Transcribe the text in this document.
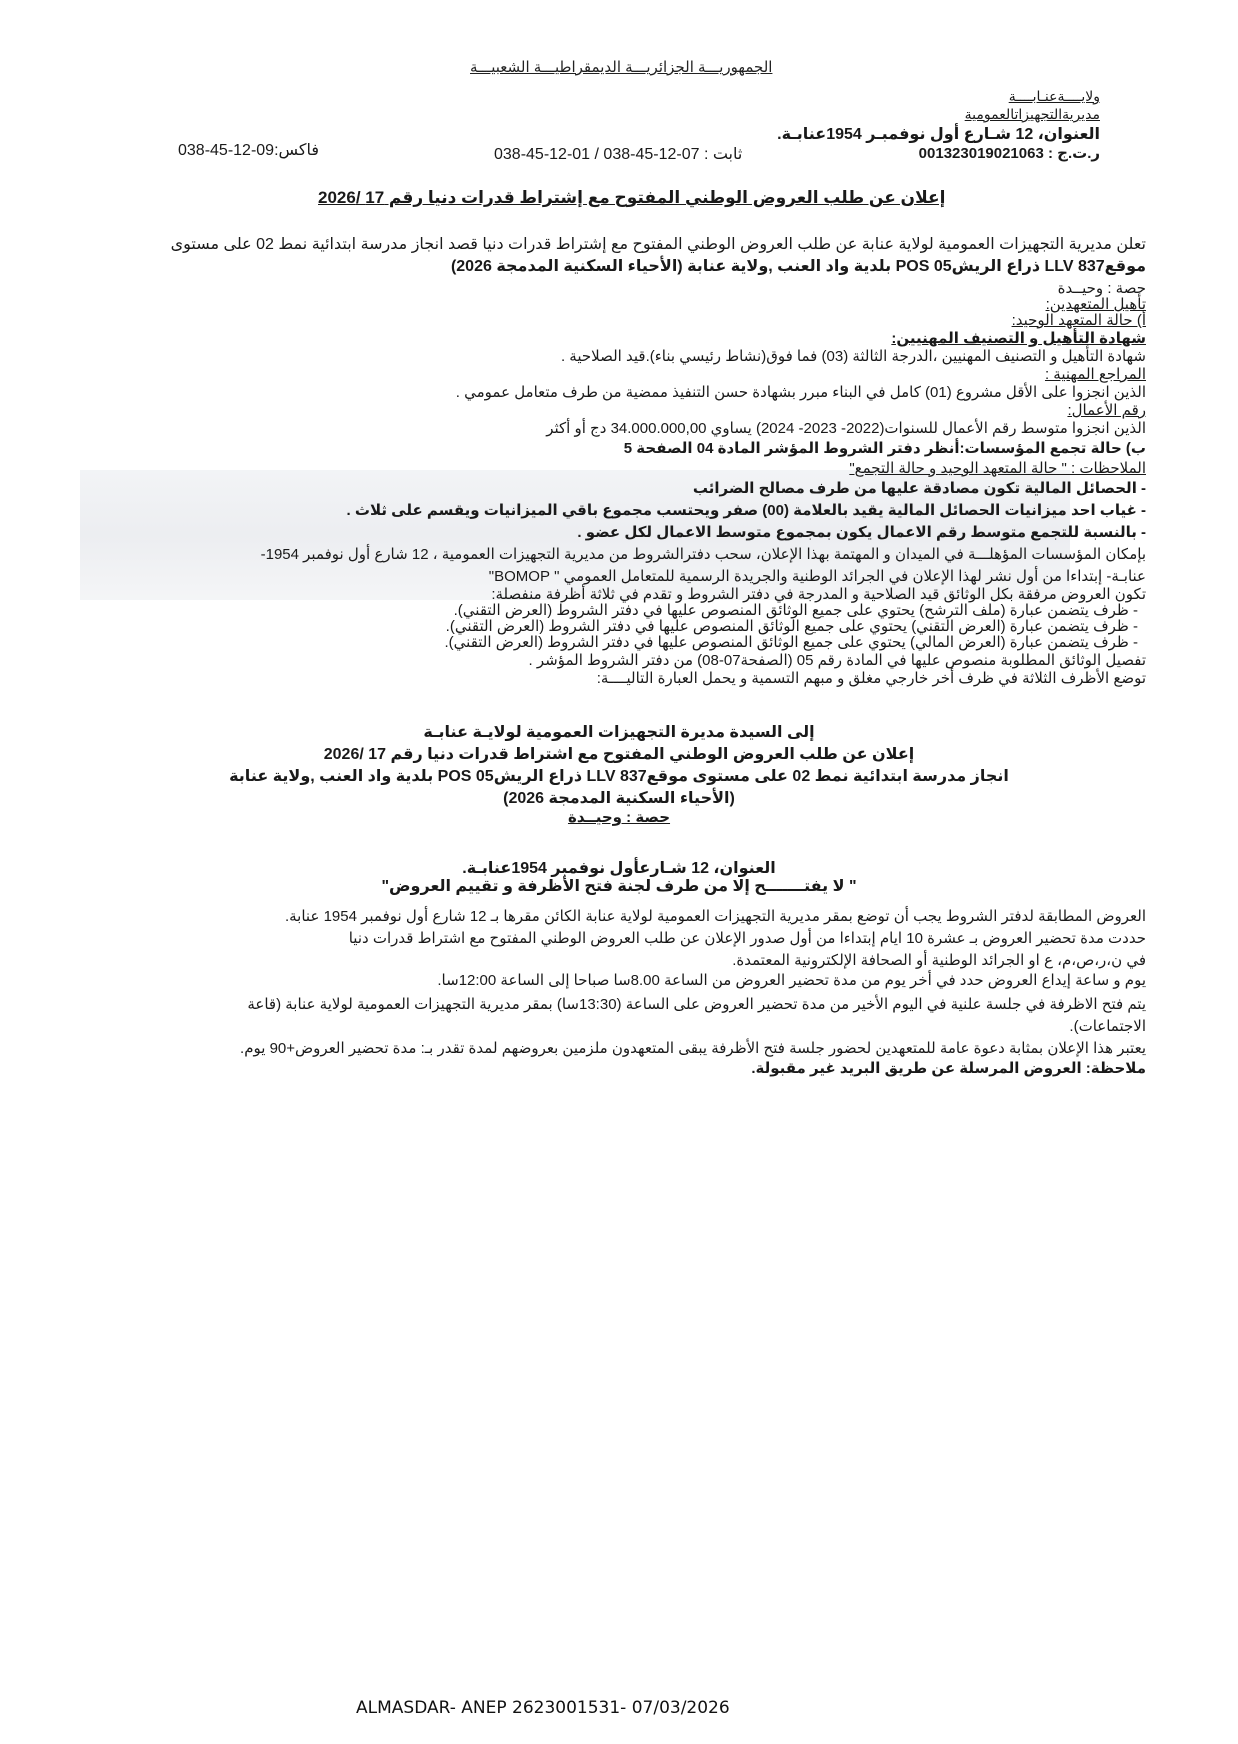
الجمهوريـــة الجزائريـــة الديمقراطيـــة الشعبيـــة
ولايــــةعنـابــــة
مديريةالتجهيزاتالعمومية
العنوان، 12 شـارع أول نوفمبـر 1954عنابـة.
ر.ت.ج : 001323019021063
ثابت : 07-12-45-038 / 01-12-45-038
فاكس:09-12-45-038
إعلان عن طلب العروض الوطني المفتوح مع إشتراط قدرات دنيا رقم 17 /2026
تعلن مديرية التجهيزات العمومية لولاية عنابة عن طلب العروض الوطني المفتوح مع إشتراط قدرات دنيا قصد انجاز مدرسة ابتدائية نمط 02 على مستوى
موقع837 LLV ذراع الريش05 POS بلدية واد العنب ,ولاية عنابة (الأحياء السكنية المدمجة 2026)
حصة : وحيــدة
تأهيل المتعهدين:
أ) حالة المتعهد الوحيد:
شهادة التأهيل و التصنيف المهنيين:
شهادة التأهيل و التصنيف المهنيين ،الدرجة الثالثة (03) فما فوق(نشاط رئيسي بناء).قيد الصلاحية .
المراجع المهنية :
الذين انجزوا على الأقل مشروع (01) كامل في البناء مبرر بشهادة حسن التنفيذ ممضية من طرف متعامل عمومي .
رقم الأعمال:
الذين انجزوا متوسط رقم الأعمال للسنوات(2022- 2023- 2024) يساوي 34.000.000,00 دج أو أكثر
ب) حالة تجمع المؤسسات:أنظر دفتر الشروط المؤشر المادة 04 الصفحة 5
الملاحظات : " حالة المتعهد الوحيد و حالة التجمع"
- الحصائل المالية تكون مصادقة عليها من طرف مصالح الضرائب
- غياب احد ميزانيات الحصائل المالية يقيد بالعلامة (00) صفر ويحتسب مجموع باقي الميزانيات ويقسم على ثلاث .
- بالنسبة للتجمع متوسط رقم الاعمال يكون بمجموع متوسط الاعمال لكل عضو .
بإمكان المؤسسات المؤهلـــة في الميدان و المهتمة بهذا الإعلان، سحب دفترالشروط من مديرية التجهيزات العمومية ، 12 شارع أول نوفمبر 1954-
عنابـة- إبتداءا من أول نشر لهذا الإعلان في الجرائد الوطنية والجريدة الرسمية للمتعامل العمومي " BOMOP"
تكون العروض مرفقة بكل الوثائق قيد الصلاحية و المدرجة في دفتر الشروط و تقدم في ثلاثة أظرفة منفصلة:
- ظرف يتضمن عبارة (ملف الترشح) يحتوي على جميع الوثائق المنصوص عليها في دفتر الشروط (العرض التقني).
- ظرف يتضمن عبارة (العرض التقني) يحتوي على جميع الوثائق المنصوص عليها في دفتر الشروط (العرض التقني).
- ظرف يتضمن عبارة (العرض المالي) يحتوي على جميع الوثائق المنصوص عليها في دفتر الشروط (العرض التقني).
تفصيل الوثائق المطلوبة منصوص عليها في المادة رقم 05 (الصفحة07-08) من دفتر الشروط المؤشر .
توضع الأظرف الثلاثة في ظرف أخر خارجي مغلق و مبهم التسمية و يحمل العبارة التاليــــة:
إلى السيدة مديرة التجهيزات العمومية لولايـة عنابـة
إعلان عن طلب العروض الوطني المفتوح مع اشتراط قدرات دنيا رقم 17 /2026
انجاز مدرسة ابتدائية نمط 02 على مستوى موقع837 LLV ذراع الريش05 POS بلدية واد العنب ,ولاية عنابة
(الأحياء السكنية المدمجة 2026)
حصة : وحيــدة
العنوان، 12 شـارعأول نوفمبر 1954عنابـة.
" لا يفتـــــــح إلا من طرف لجنة فتح الأظرفة و تقييم العروض"
العروض المطابقة لدفتر الشروط يجب أن توضع بمقر مديرية التجهيزات العمومية لولاية عنابة الكائن مقرها بـ 12 شارع أول نوفمبر 1954 عنابة.
حددت مدة تحضير العروض بـ عشرة 10 ايام إبتداءا من أول صدور الإعلان عن طلب العروض الوطني المفتوح مع اشتراط قدرات دنيا
في ن،ر،ص،م، ع او الجرائد الوطنية أو الصحافة الإلكترونية المعتمدة.
يوم و ساعة إيداع العروض حدد في أخر يوم من مدة تحضير العروض من الساعة 8.00سا صباحا إلى الساعة 12:00سا.
يتم فتح الاظرفة في جلسة علنية في اليوم الأخير من مدة تحضير العروض على الساعة (13:30سا) بمقر مديرية التجهيزات العمومية لولاية عنابة (قاعة
الاجتماعات).
يعتبر هذا الإعلان بمثابة دعوة عامة للمتعهدين لحضور جلسة فتح الأظرفة يبقى المتعهدون ملزمين بعروضهم لمدة تقدر بـ: مدة تحضير العروض+90 يوم.
ملاحظة: العروض المرسلة عن طريق البريد غير مقبولة.
ALMASDAR- ANEP 2623001531- 07/03/2026
